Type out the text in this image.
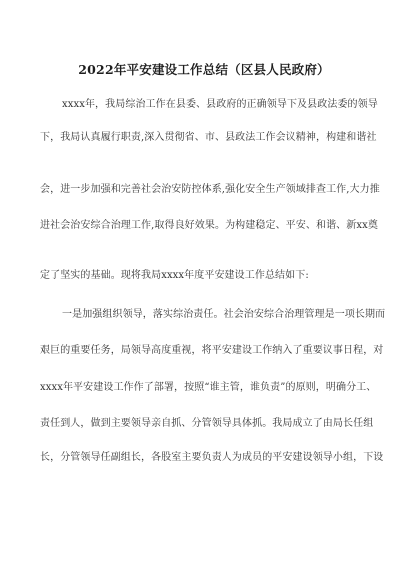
2022年平安建设工作总结（区县人民政府）
xxxx年，我局综治工作在县委、县政府的正确领导下及县政法委的领导
下，我局认真履行职责,深入贯彻省、市、县政法工作会议精神，构建和谐社
会，进一步加强和完善社会治安防控体系,强化安全生产领域排查工作,大力推
进社会治安综合治理工作,取得良好效果。为构建稳定、平安、和谐、新xx奠
定了坚实的基础。现将我局xxxx年度平安建设工作总结如下:
一是加强组织领导，落实综治责任。社会治安综合治理管理是一项长期而
艰巨的重要任务，局领导高度重视，将平安建设工作纳入了重要议事日程，对
xxxx年平安建设工作作了部署，按照“谁主管，谁负责”的原则，明确分工、
责任到人，做到主要领导亲自抓、分管领导具体抓。我局成立了由局长任组
长，分管领导任副组长，各股室主要负责人为成员的平安建设领导小组，下设
